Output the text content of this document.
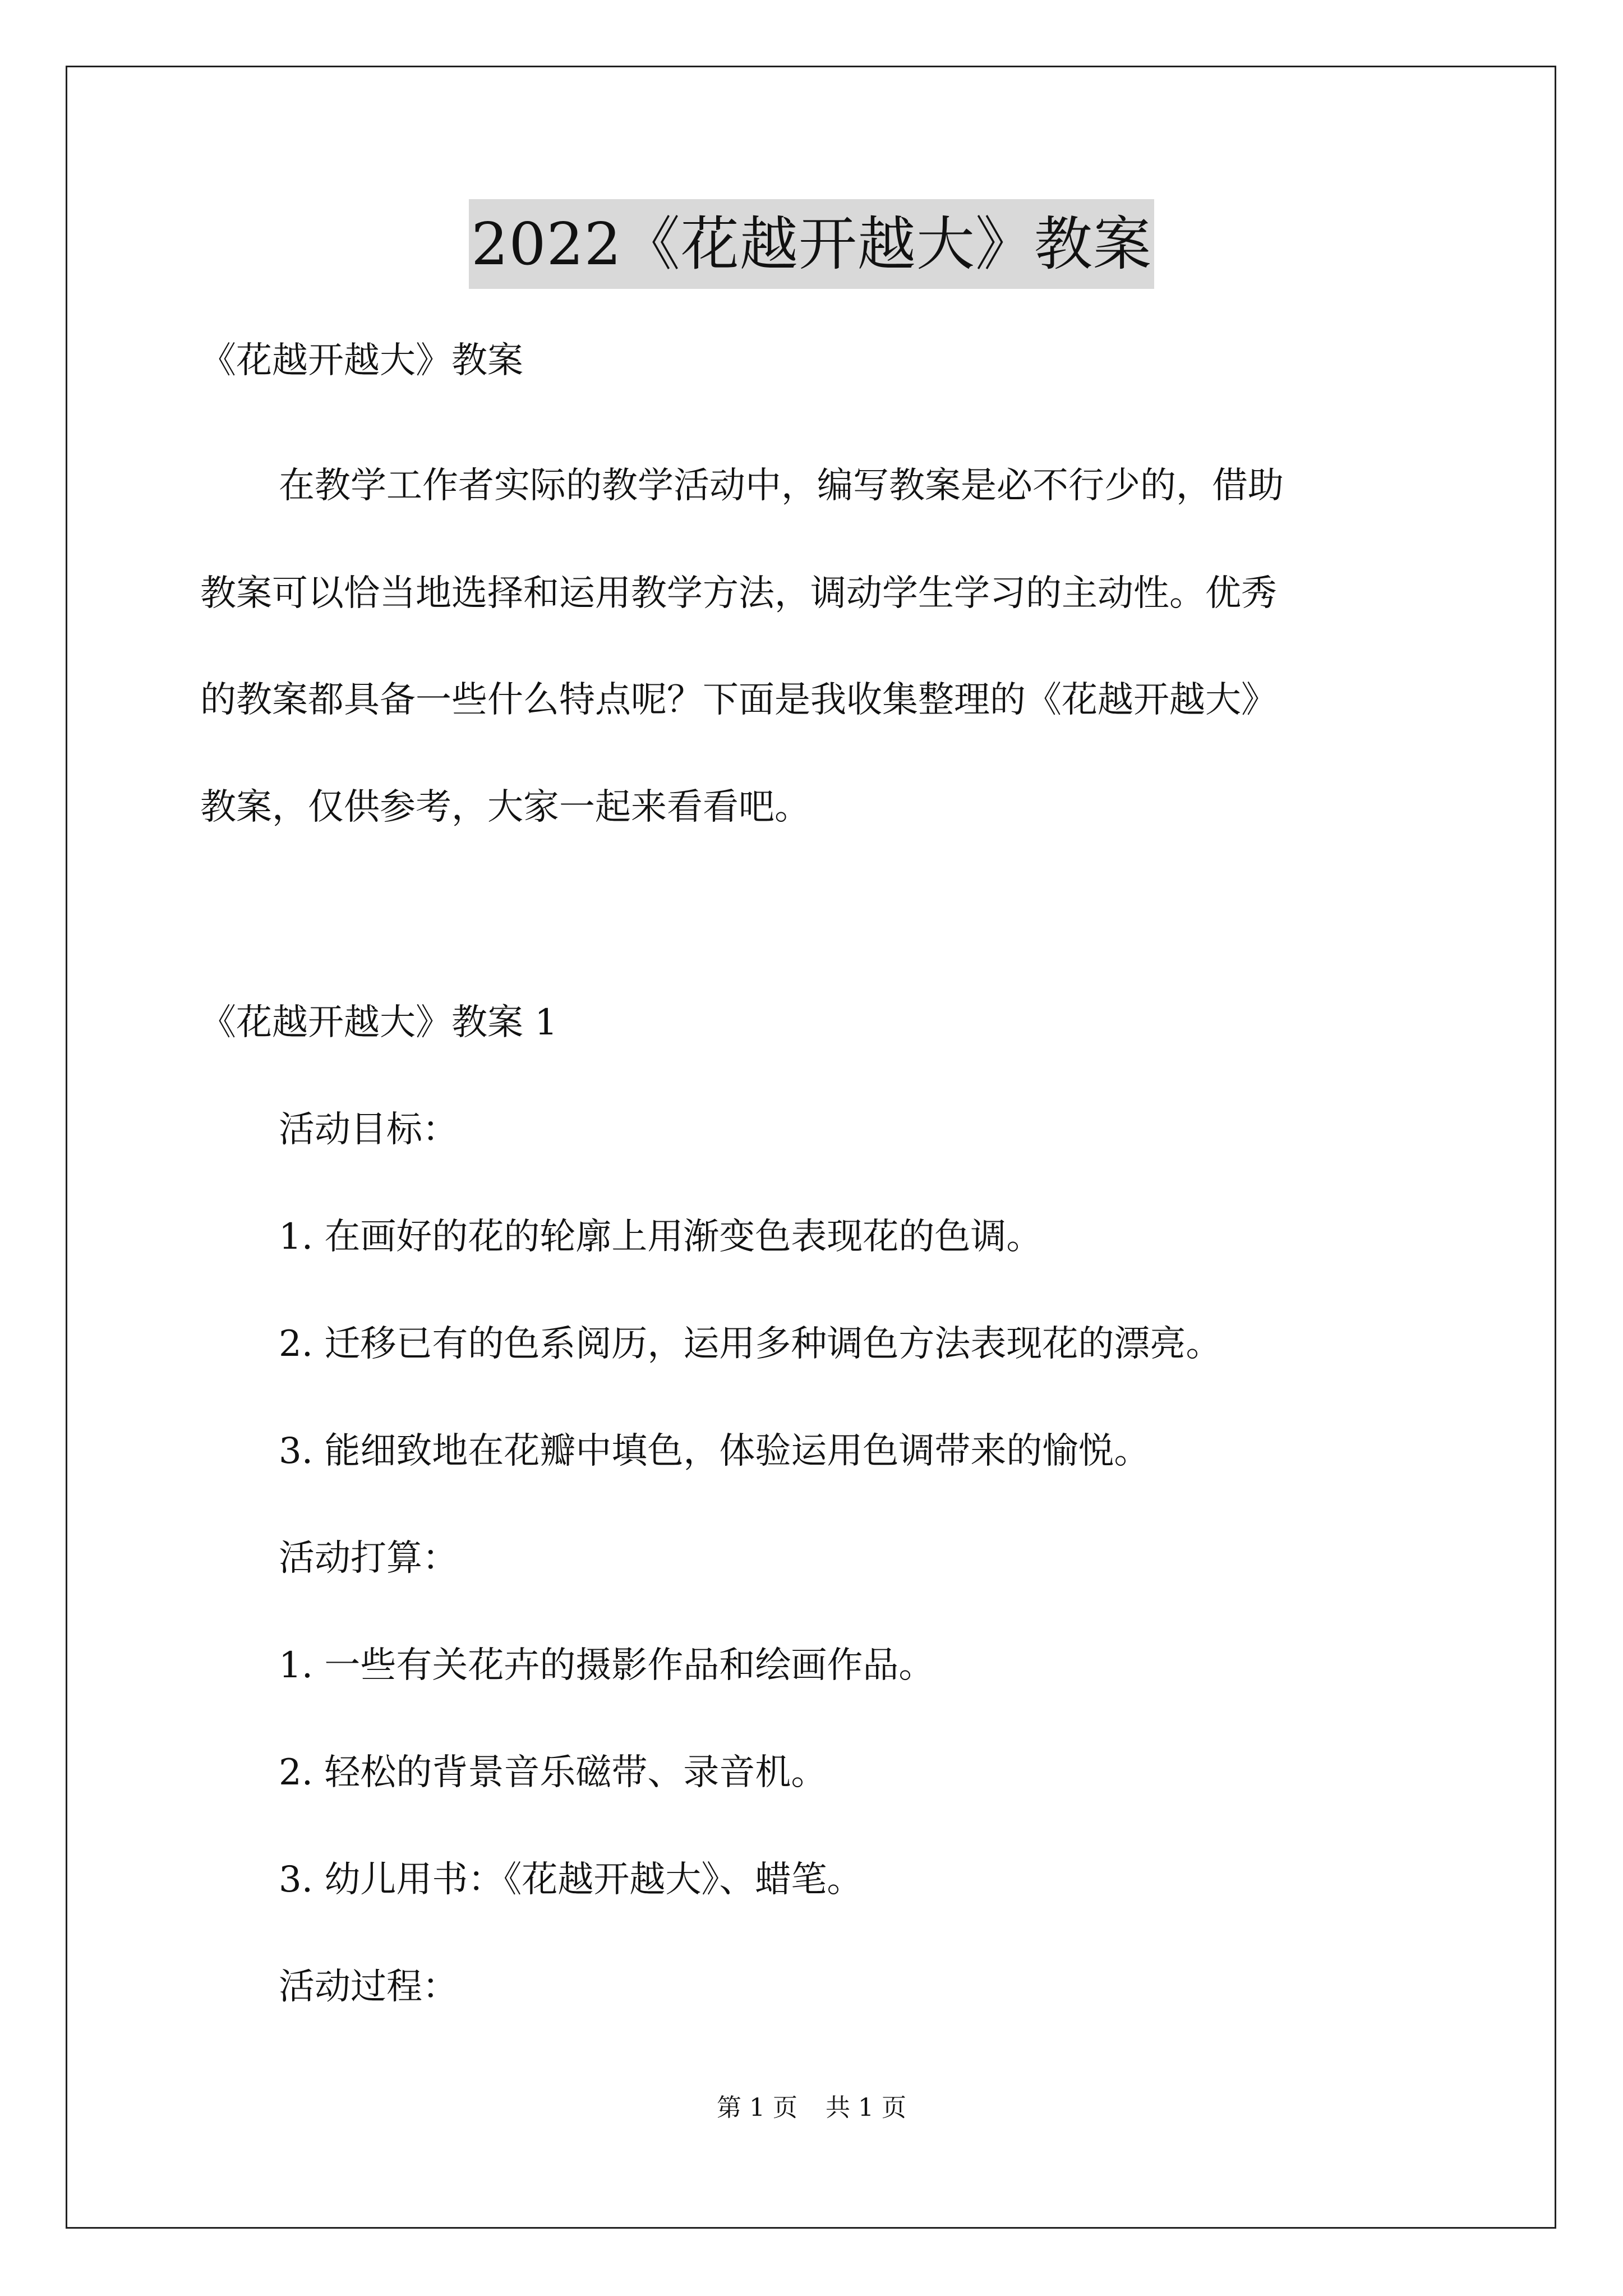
2022《花越开越大》教案

《花越开越大》教案

在教学工作者实际的教学活动中，编写教案是必不行少的，借助

教案可以恰当地选择和运用教学方法，调动学生学习的主动性。优秀

的教案都具备一些什么特点呢？下面是我收集整理的《花越开越大》

教案，仅供参考，大家一起来看看吧。

《花越开越大》教案 1

活动目标：

1. 在画好的花的轮廓上用渐变色表现花的色调。

2. 迁移已有的色系阅历，运用多种调色方法表现花的漂亮。

3. 能细致地在花瓣中填色，体验运用色调带来的愉悦。

活动打算：

1. 一些有关花卉的摄影作品和绘画作品。

2. 轻松的背景音乐磁带、录音机。

3. 幼儿用书：《花越开越大》、蜡笔。

活动过程：

第 1 页 共 1 页
